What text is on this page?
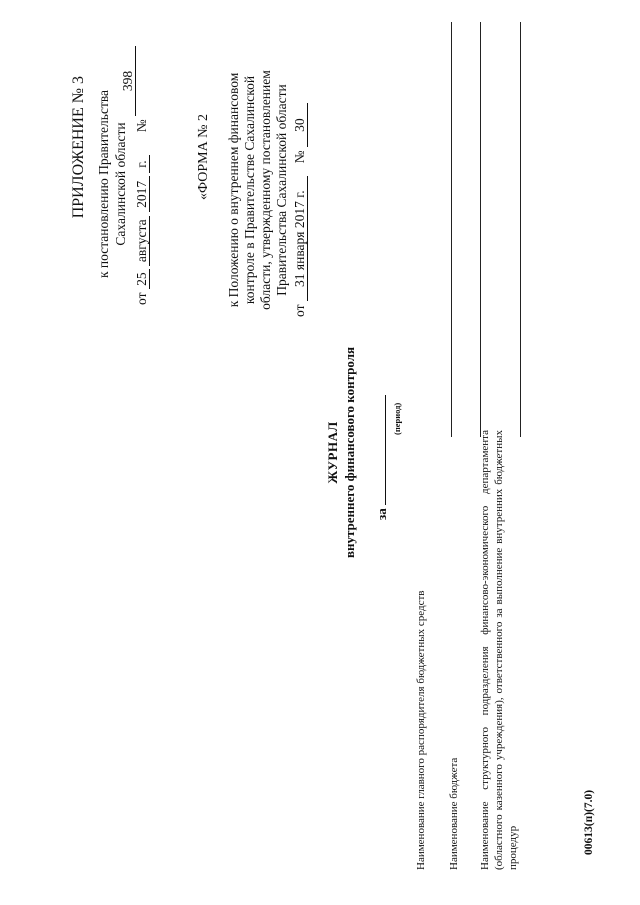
ПРИЛОЖЕНИЕ № 3 к постановлению Правительства Сахалинской области
от 25 августа 2017 г.  № 398
«ФОРМА № 2 к Положению о внутреннем финансовом контроле в Правительстве Сахалинской области, утвержденному постановлением Правительства Сахалинской области
от 31 января 2017 г.  № 30
ЖУРНАЛ внутреннего финансового контроля за
(период)
Наименование главного распорядителя бюджетных средств Наименование бюджета Наименование структурного подразделения финансово-экономического департамента (областного казенного учреждения), ответственного за выполнение внутренних бюджетных процедур	00613(п)(7.0)
